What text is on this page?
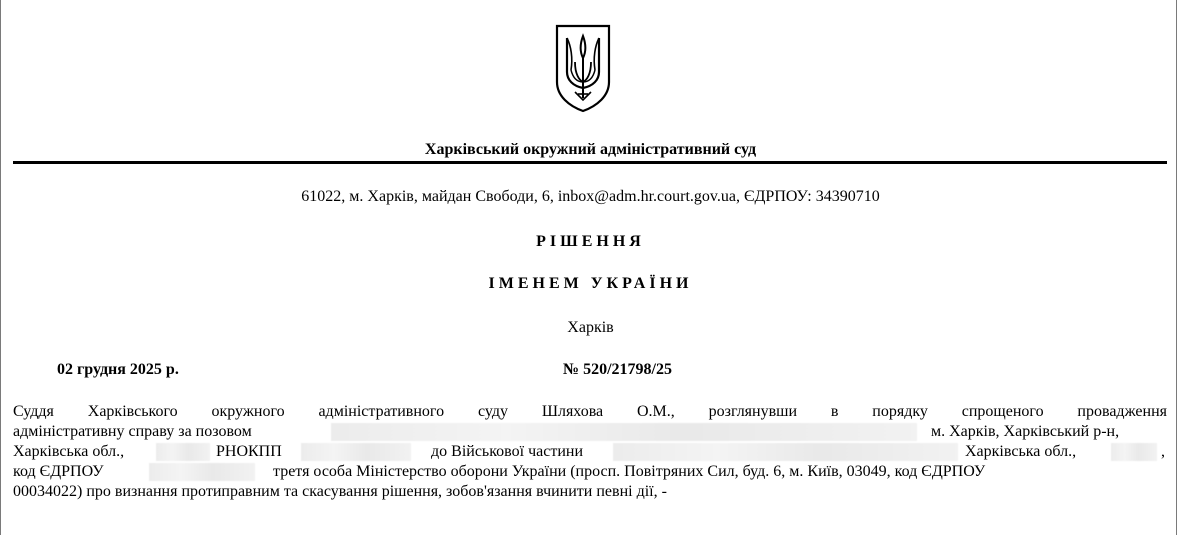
Харківський окружний адміністративний суд
61022, м. Харків, майдан Свободи, 6, inbox@adm.hr.court.gov.ua, ЄДРПОУ: 34390710
РІШЕННЯ
ІМЕНЕМ УКРАЇНИ
Харків
02 грудня 2025 р.	№ 520/21798/25
Суддя Харківського окружного адміністративного суду Шляхова О.М., розглянувши в порядку спрощеного провадження
адміністративну справу за позовом	м. Харків, Харківський р-н,
Харківська обл.,	РНОКПП	до Військової частини	Харківська обл.,	,
код ЄДРПОУ	третя особа Міністерство оборони України (просп. Повітряних Сил, буд. 6, м. Київ, 03049, код ЄДРПОУ
00034022) про визнання протиправним та скасування рішення, зобов'язання вчинити певні дії, -
